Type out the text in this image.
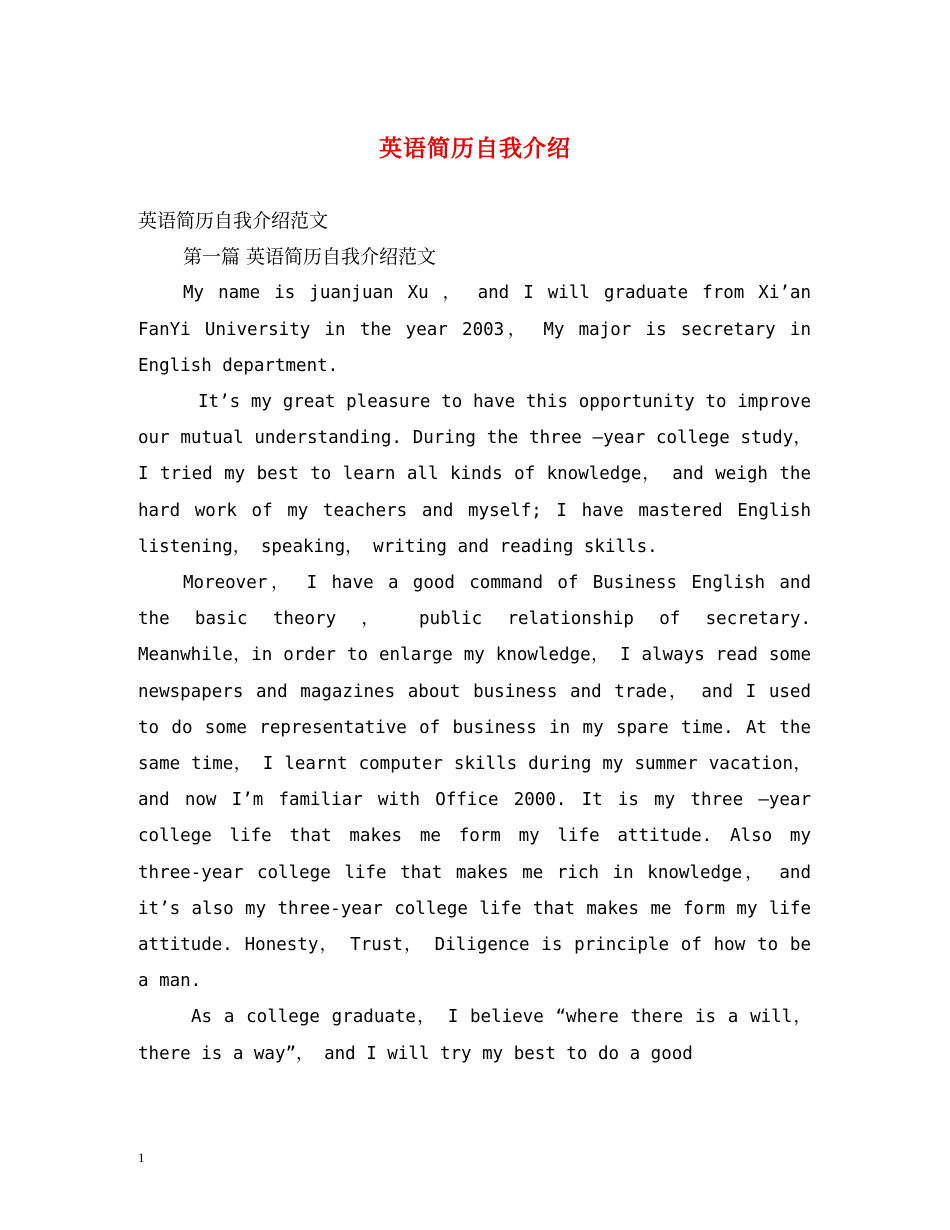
英语简历自我介绍

英语简历自我介绍范文

第一篇 英语简历自我介绍范文

My name is juanjuan Xu ， and I will graduate from Xi’an FanYi University in the year 2003， My major is secretary in English department.

It’s my great pleasure to have this opportunity to improve our mutual understanding. During the three –year college study， I tried my best to learn all kinds of knowledge， and weigh the hard work of my teachers and myself; I have mastered English listening， speaking， writing and reading skills.

Moreover， I have a good command of Business English and the basic theory ， public relationship of secretary. Meanwhile，in order to enlarge my knowledge， I always read some newspapers and magazines about business and trade， and I used to do some representative of business in my spare time. At the same time， I learnt computer skills during my summer vacation， and now I’m familiar with Office 2000. It is my three –year college life that makes me form my life attitude. Also my three-year college life that makes me rich in knowledge， and it’s also my three-year college life that makes me form my life attitude. Honesty， Trust， Diligence is principle of how to be a man.

As a college graduate， I believe “where there is a will， there is a way”， and I will try my best to do a good

1
